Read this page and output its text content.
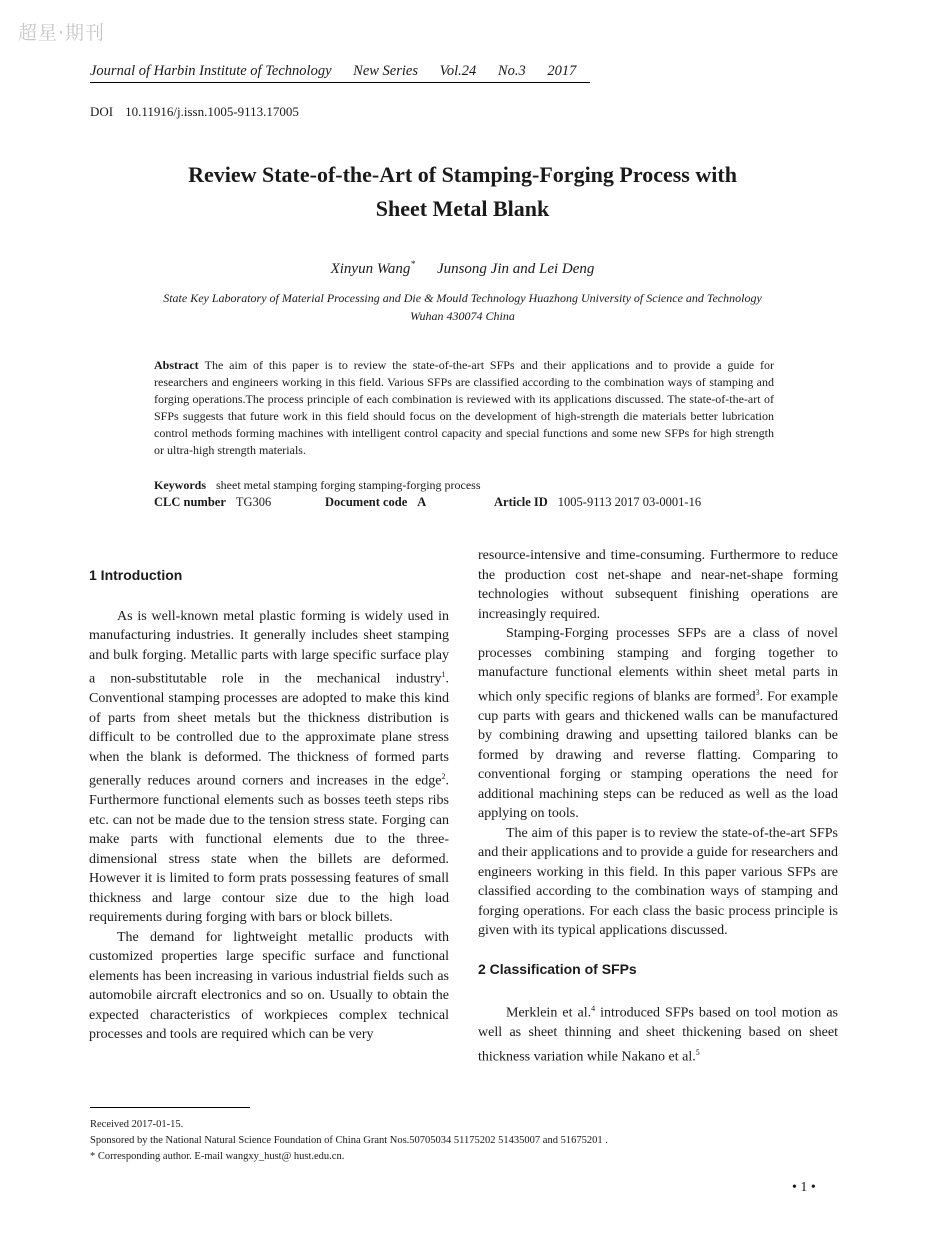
超星·期刊
Journal of Harbin Institute of Technology New Series Vol.24 No.3 2017
DOI 10.11916/j.issn.1005-9113.17005
Review State-of-the-Art of Stamping-Forging Process with
Sheet Metal Blank
Xinyun Wang* Junsong Jin and Lei Deng
State Key Laboratory of Material Processing and Die & Mould Technology Huazhong University of Science and Technology
Wuhan 430074 China
Abstract The aim of this paper is to review the state-of-the-art SFPs and their applications and to provide a guide for researchers and engineers working in this field. Various SFPs are classified according to the combination ways of stamping and forging operations.The process principle of each combination is reviewed with its applications discussed. The state-of-the-art of SFPs suggests that future work in this field should focus on the development of high-strength die materials better lubrication control methods forming machines with intelligent control capacity and special functions and some new SFPs for high strength or ultra-high strength materials.
Keywords sheet metal stamping forging stamping-forging process
CLC number TG306	Document code A	Article ID 1005-9113 2017 03-0001-16
1 Introduction

As is well-known metal plastic forming is widely used in manufacturing industries. It generally includes sheet stamping and bulk forging. Metallic parts with large specific surface play a non-substitutable role in the mechanical industry$^1$. Conventional stamping processes are adopted to make this kind of parts from sheet metals but the thickness distribution is difficult to be controlled due to the approximate plane stress when the blank is deformed. The thickness of formed parts generally reduces around corners and increases in the edge$^2$. Furthermore functional elements such as bosses teeth steps ribs etc. can not be made due to the tension stress state. Forging can make parts with functional elements due to the three-dimensional stress state when the billets are deformed. However it is limited to form prats possessing features of small thickness and large contour size due to the high load requirements during forging with bars or block billets.

The demand for lightweight metallic products with customized properties large specific surface and functional elements has been increasing in various industrial fields such as automobile aircraft electronics and so on. Usually to obtain the expected characteristics of workpieces complex technical processes and tools are required which can be very

resource-intensive and time-consuming. Furthermore to reduce the production cost net-shape and near-net-shape forming technologies without subsequent finishing operations are increasingly required.

Stamping-Forging processes SFPs are a class of novel processes combining stamping and forging together to manufacture functional elements within sheet metal parts in which only specific regions of blanks are formed$^3$. For example cup parts with gears and thickened walls can be manufactured by combining drawing and upsetting tailored blanks can be formed by drawing and reverse flatting. Comparing to conventional forging or stamping operations the need for additional machining steps can be reduced as well as the load applying on tools.

The aim of this paper is to review the state-of-the-art SFPs and their applications and to provide a guide for researchers and engineers working in this field. In this paper various SFPs are classified according to the combination ways of stamping and forging operations. For each class the basic process principle is given with its typical applications discussed.

2 Classification of SFPs

Merklein et al.$^4$ introduced SFPs based on tool motion as well as sheet thinning and sheet thickening based on sheet thickness variation while Nakano et al.$^5$

Received 2017-01-15.
Sponsored by the National Natural Science Foundation of China Grant Nos.50705034 51175202 51435007 and 51675201 .
* Corresponding author. E-mail wangxy_hust@ hust.edu.cn.
• 1 •
